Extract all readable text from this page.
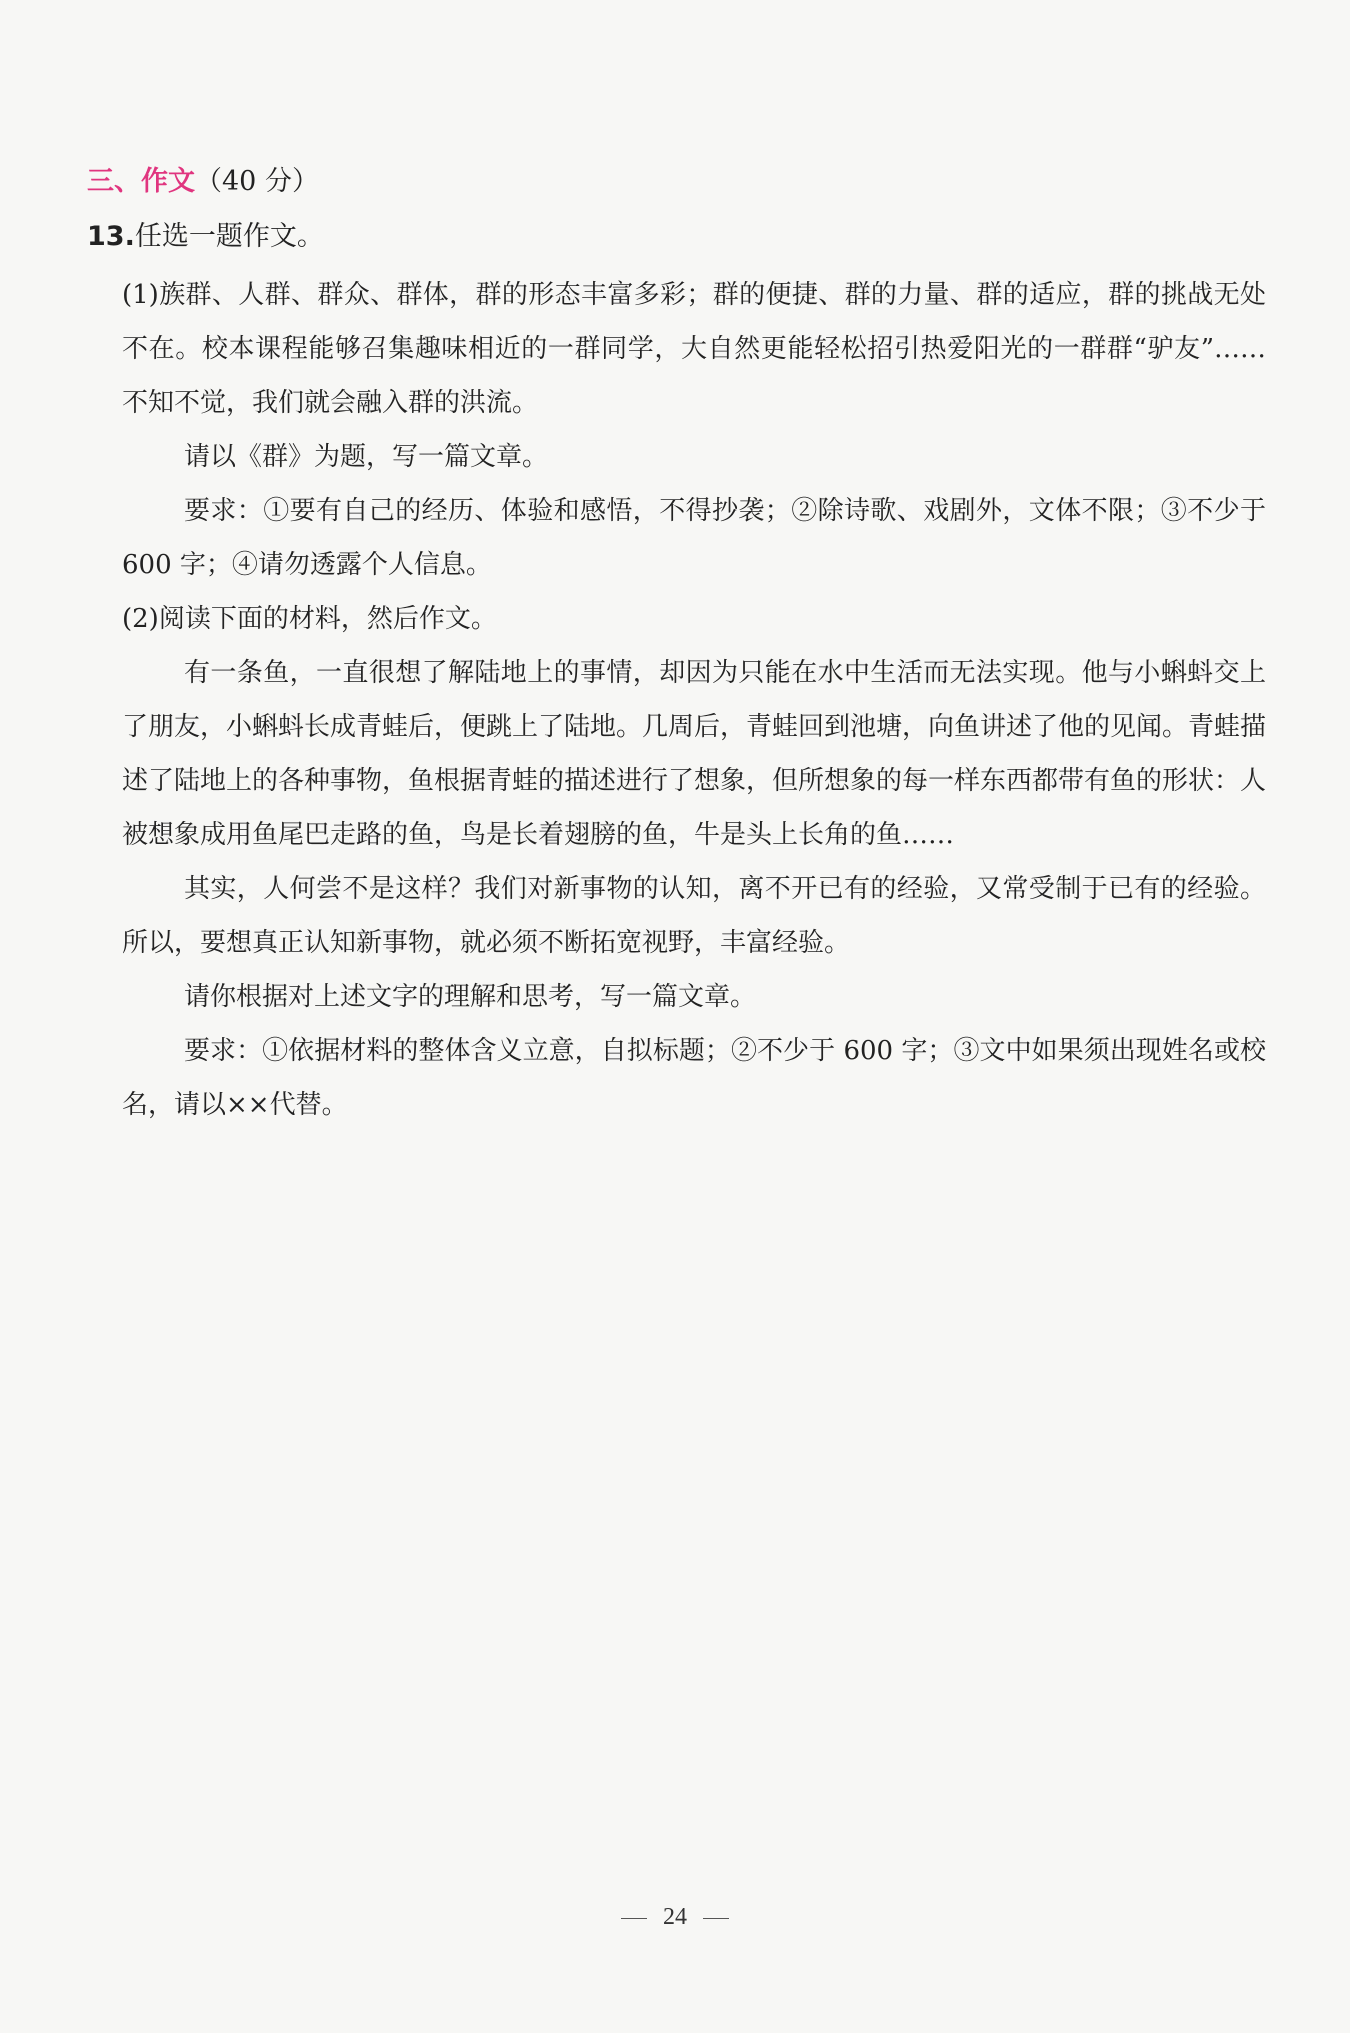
三、作文（40 分）
13.任选一题作文。

(1)族群、人群、群众、群体，群的形态丰富多彩；群的便捷、群的力量、群的适应，群的挑战无处不在。校本课程能够召集趣味相近的一群同学，大自然更能轻松招引热爱阳光的一群群“驴友”……不知不觉，我们就会融入群的洪流。

请以《群》为题，写一篇文章。

要求：①要有自己的经历、体验和感悟，不得抄袭；②除诗歌、戏剧外，文体不限；③不少于 600 字；④请勿透露个人信息。

(2)阅读下面的材料，然后作文。

有一条鱼，一直很想了解陆地上的事情，却因为只能在水中生活而无法实现。他与小蝌蚪交上了朋友，小蝌蚪长成青蛙后，便跳上了陆地。几周后，青蛙回到池塘，向鱼讲述了他的见闻。青蛙描述了陆地上的各种事物，鱼根据青蛙的描述进行了想象，但所想象的每一样东西都带有鱼的形状：人被想象成用鱼尾巴走路的鱼，鸟是长着翅膀的鱼，牛是头上长角的鱼……

其实，人何尝不是这样？我们对新事物的认知，离不开已有的经验，又常受制于已有的经验。所以，要想真正认知新事物，就必须不断拓宽视野，丰富经验。

请你根据对上述文字的理解和思考，写一篇文章。

要求：①依据材料的整体含义立意，自拟标题；②不少于 600 字；③文中如果须出现姓名或校名，请以××代替。

24
